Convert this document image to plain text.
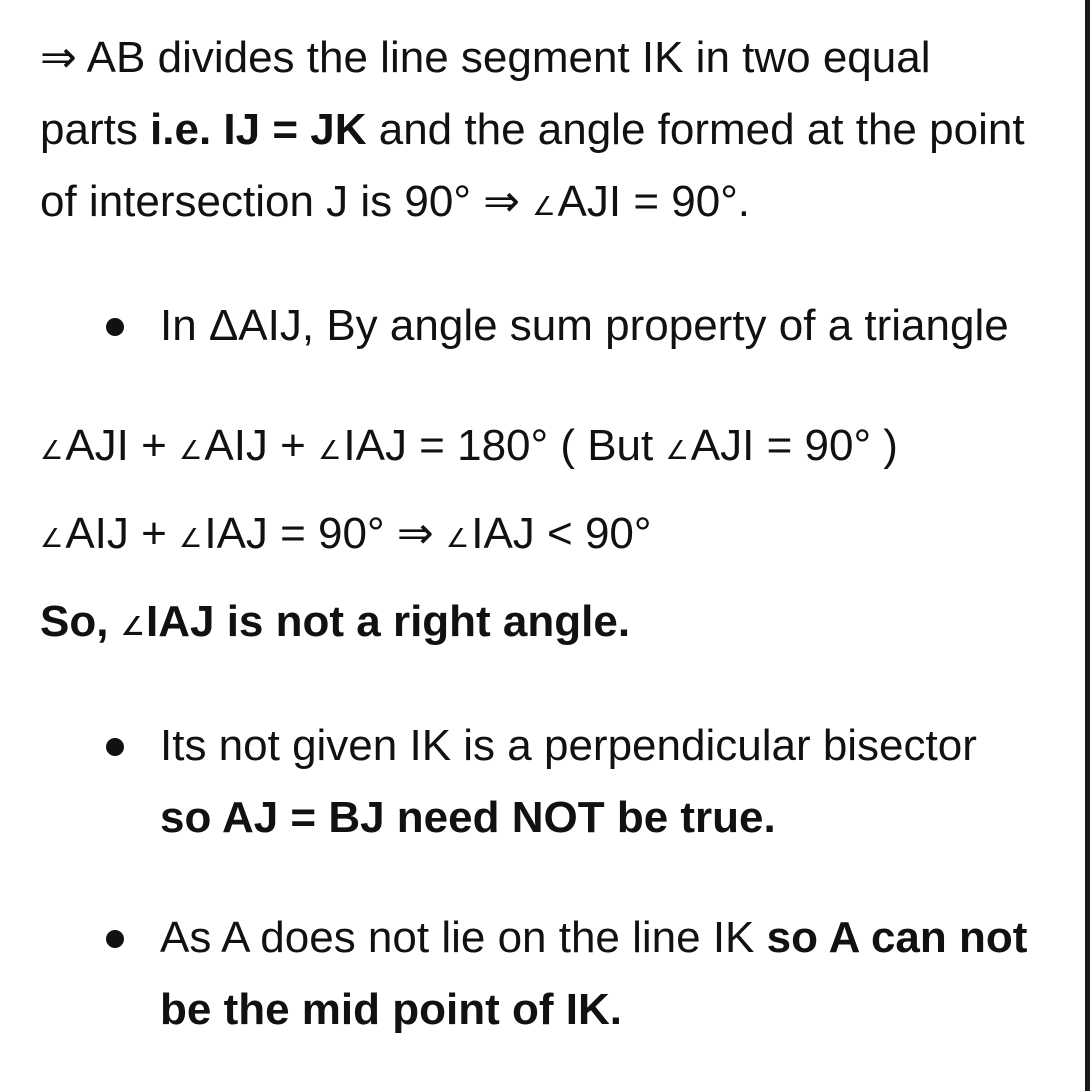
⇒ AB divides the line segment IK in two equal parts i.e. IJ = JK and the angle formed at the point of intersection J is 90° ⇒ ∠AJI = 90°.

In ΔAIJ, By angle sum property of a triangle

∠AJI + ∠AIJ + ∠IAJ = 180° ( But ∠AJI = 90° )

∠AIJ + ∠IAJ = 90° ⇒ ∠IAJ < 90°

So, ∠IAJ is not a right angle.

Its not given IK is a perpendicular bisector so AJ = BJ need NOT be true.
As A does not lie on the line IK so A can not be the mid point of IK.
